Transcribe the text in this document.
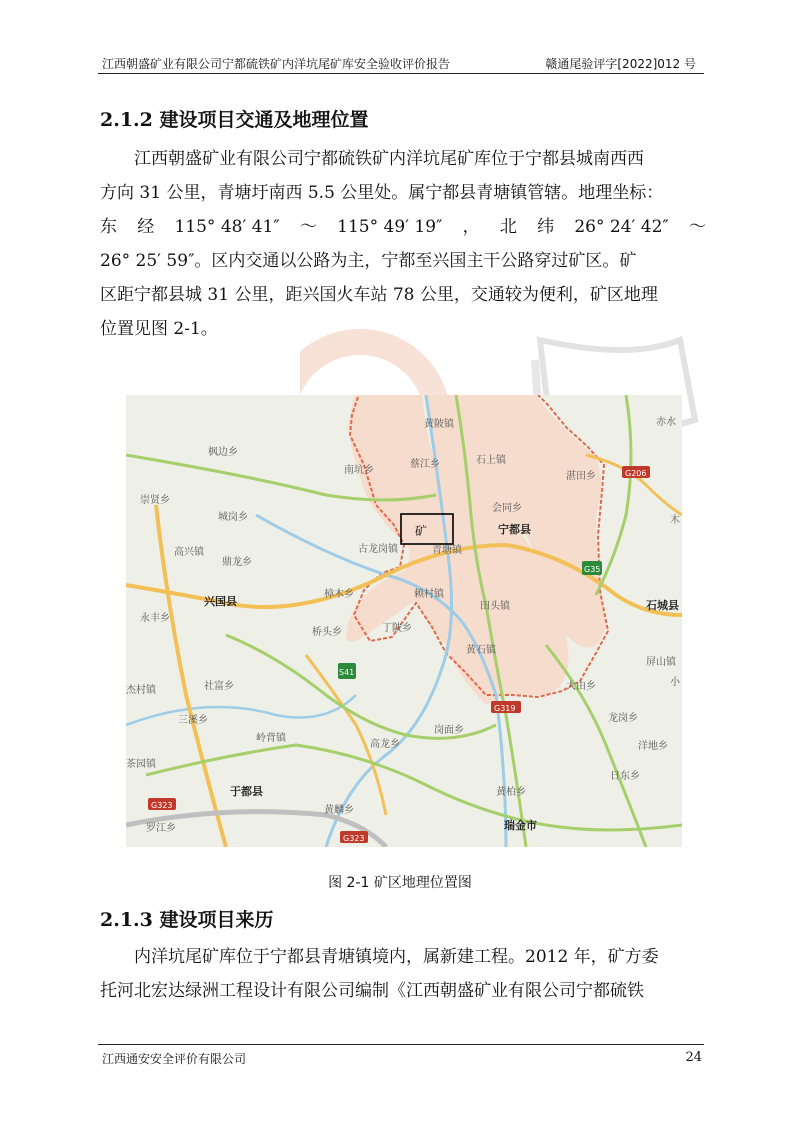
江西朝盛矿业有限公司宁都硫铁矿内洋坑尾矿库安全验收评价报告	赣通尾验评字[2022]012 号
2.1.2 建设项目交通及地理位置
江西朝盛矿业有限公司宁都硫铁矿内洋坑尾矿库位于宁都县城南西西
方向 31 公里，青塘圩南西 5.5 公里处。属宁都县青塘镇管辖。地理坐标：
东 经 115° 48′ 41″ ～ 115° 49′ 19″ ， 北 纬 26° 24′ 42″ ～
26° 25′ 59″。区内交通以公路为主，宁都至兴国主干公路穿过矿区。矿
区距宁都县城 31 公里，距兴国火车站 78 公里，交通较为便利，矿区地理
位置见图 2-1。
矿
黄陂镇
枫边乡
南坑乡
蔡江乡	石上镇
湛田乡
赤水
崇贤乡
城岗乡
会同乡
宁都县
高兴镇
鼎龙乡
古龙岗镇	青塘镇
兴国县
樟木乡	赖村镇
田头镇	石城县
永丰乡
桥头乡	丁陂乡
黄石镇
屏山镇
杰村镇	社富乡	大由乡	小
三溪乡
岭背镇
高龙乡
岗面乡
龙岗乡
洋地乡
茶园镇
日东乡
黄柏乡
于都县
黄麟乡
罗江乡	瑞金市
木
G206
G35
S41
G319
G323
G323
图 2-1 矿区地理位置图
2.1.3 建设项目来历
内洋坑尾矿库位于宁都县青塘镇境内，属新建工程。2012 年，矿方委
托河北宏达绿洲工程设计有限公司编制《江西朝盛矿业有限公司宁都硫铁
江西通安安全评价有限公司	24
